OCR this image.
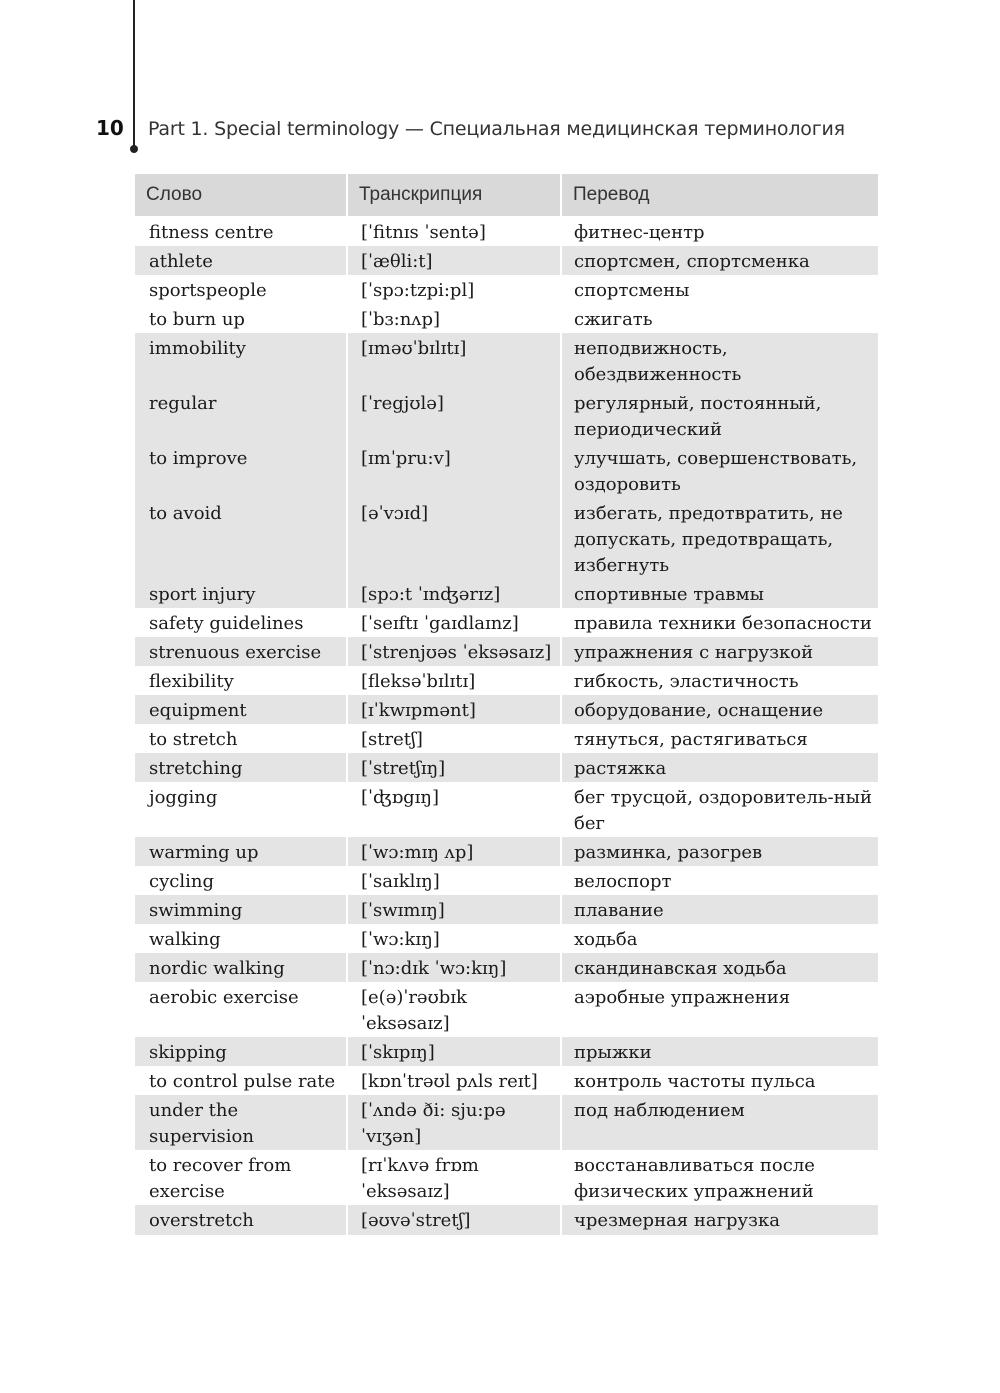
10 Part 1. Special terminology — Специальная медицинская терминология
Слово	Транскрипция	Перевод
fitness centre	[ˈfitnɪs ˈsentə]	фитнес-центр
athlete	[ˈæθli:t]	спортсмен, спортсменка
sportspeople	[ˈspɔ:tzpi:pl]	спортсмены
to burn up	[ˈbɜ:nʌp]	сжигать
immobility	[ɪməʊˈbɪlɪtɪ]	неподвижность, обездвиженность
regular	[ˈregjʊlə]	регулярный, постоянный, периодический
to improve	[ɪmˈpru:v]	улучшать, совершенствовать, оздоровить
to avoid	[əˈvɔɪd]	избегать, предотвратить, не допускать, предотвращать, избегнуть
sport injury	[spɔ:t ˈɪnʤərɪz]	спортивные травмы
safety guidelines	[ˈseɪftɪ ˈgaɪdlaɪnz]	правила техники безопасности
strenuous exercise	[ˈstrenjʊəs ˈeksəsaɪz]	упражнения с нагрузкой
flexibility	[fleksəˈbɪlɪtɪ]	гибкость, эластичность
equipment	[ɪˈkwɪpmənt]	оборудование, оснащение
to stretch	[stretʃ]	тянуться, растягиваться
stretching	[ˈstretʃɪŋ]	растяжка
jogging	[ˈʤɒgɪŋ]	бег трусцой, оздоровитель-ный бег
warming up	[ˈwɔ:mɪŋ ʌp]	разминка, разогрев
cycling	[ˈsaɪklɪŋ]	велоспорт
swimming	[ˈswɪmɪŋ]	плавание
walking	[ˈwɔ:kɪŋ]	ходьба
nordic walking	[ˈnɔ:dɪk ˈwɔ:kɪŋ]	скандинавская ходьба
aerobic exercise	[e(ə)ˈrəʊbɪk ˈeksəsaɪz]	аэробные упражнения
skipping	[ˈskɪpɪŋ]	прыжки
to control pulse rate	[kɒnˈtrəʊl pʌls reɪt]	контроль частоты пульса
under the supervision	[ˈʌndə ði: sju:pəˈvɪʒən]	под наблюдением
to recover from exercise	[rɪˈkʌvə frɒm ˈeksəsaɪz]	восстанавливаться после физических упражнений
overstretch	[əʊvəˈstretʃ]	чрезмерная нагрузка
